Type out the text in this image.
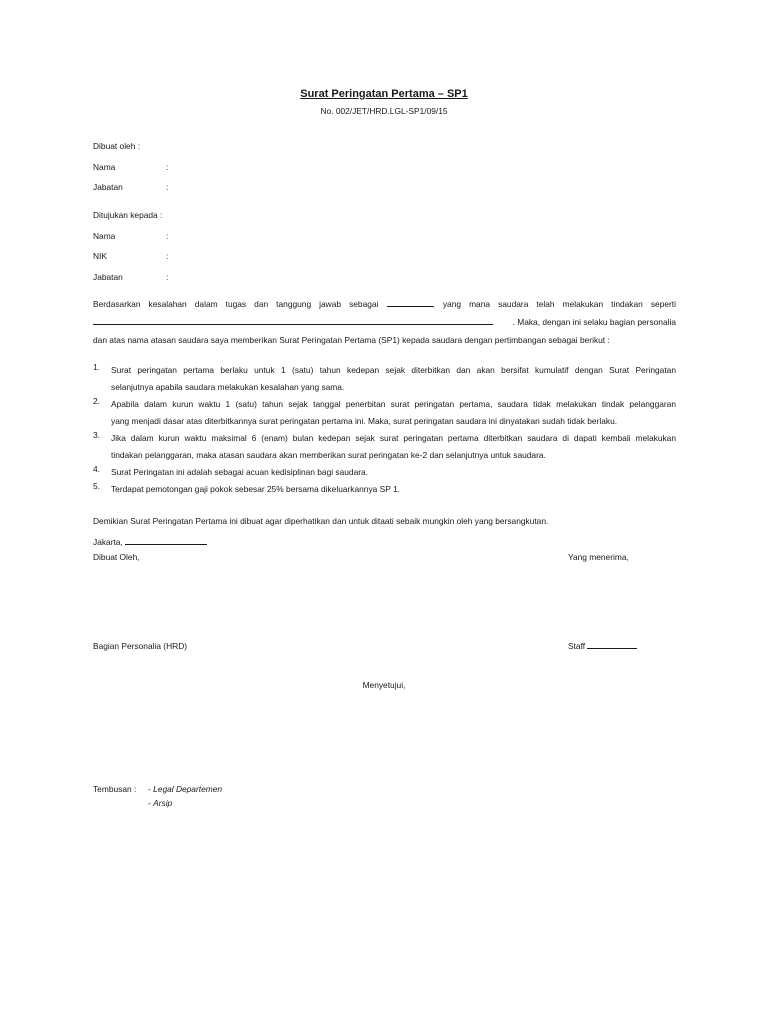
Surat Peringatan Pertama – SP1
No. 002/JET/HRD.LGL-SP1/09/15
Dibuat oleh :
Nama	:
Jabatan	:
Ditujukan kepada :
Nama	:
NIK	:
Jabatan	:
Berdasarkan kesalahan dalam tugas dan tanggung jawab sebagai	, yang mana saudara telah melakukan tindakan seperti
. Maka, dengan ini selaku bagian personalia
dan atas nama atasan saudara saya memberikan Surat Peringatan Pertama (SP1) kepada saudara dengan pertimbangan sebagai berikut :
1. Surat peringatan pertama berlaku untuk 1 (satu) tahun kedepan sejak diterbitkan dan akan bersifat kumulatif dengan Surat Peringatan
selanjutnya apabila saudara melakukan kesalahan yang sama.
2. Apabila dalam kurun waktu 1 (satu) tahun sejak tanggal penerbitan surat peringatan pertama, saudara tidak melakukan tindak pelanggaran
yang menjadi dasar atas diterbitkannya surat peringatan pertama ini. Maka, surat peringatan saudara ini dinyatakan sudah tidak berlaku.
3. Jika dalam kurun waktu maksimal 6 (enam) bulan kedepan sejak surat peringatan pertama diterbitkan saudara di dapati kembali melakukan
tindakan pelanggaran, maka atasan saudara akan memberikan surat peringatan ke-2 dan selanjutnya untuk saudara.
4. Surat Peringatan ini adalah sebagai acuan kedisiplinan bagi saudara.
5. Terdapat pemotongan gaji pokok sebesar 25% bersama dikeluarkannya SP 1.
Demikian Surat Peringatan Pertama ini dibuat agar diperhatikan dan untuk ditaati sebaik mungkin oleh yang bersangkutan.
Jakarta,
Dibuat Oleh,	Yang menerima,
Bagian Personalia (HRD)	Staff
Menyetujui,
Tembusan : - Legal Departemen
- Arsip
